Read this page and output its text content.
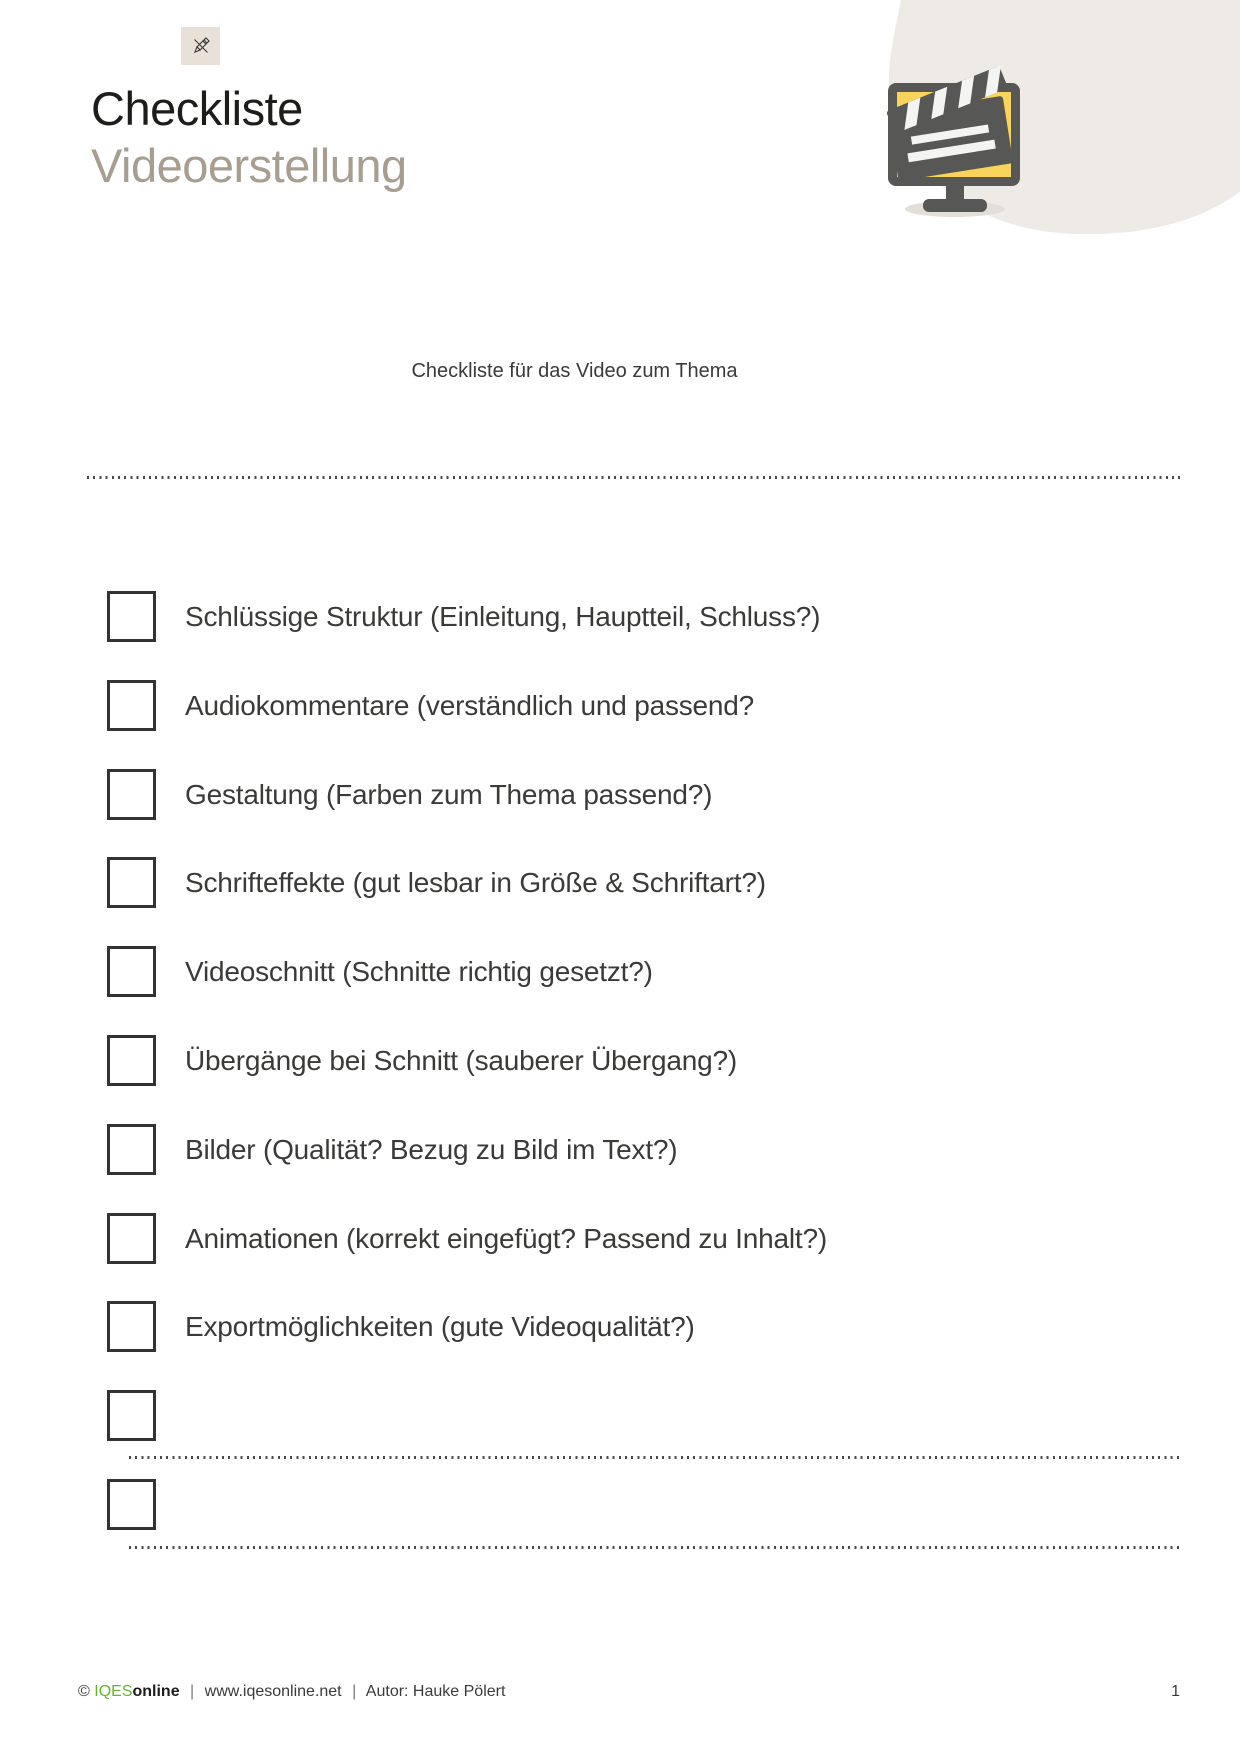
Checkliste
Videoerstellung
Checkliste für das Video zum Thema
Schlüssige Struktur (Einleitung, Hauptteil, Schluss?)
Audiokommentare (verständlich und passend?
Gestaltung (Farben zum Thema passend?)
Schrifteffekte (gut lesbar in Größe & Schriftart?)
Videoschnitt (Schnitte richtig gesetzt?)
Übergänge bei Schnitt (sauberer Übergang?)
Bilder (Qualität? Bezug zu Bild im Text?)
Animationen (korrekt eingefügt? Passend zu Inhalt?)
Exportmöglichkeiten (gute Videoqualität?)
© IQESonline | www.iqesonline.net | Autor: Hauke Pölert	1
